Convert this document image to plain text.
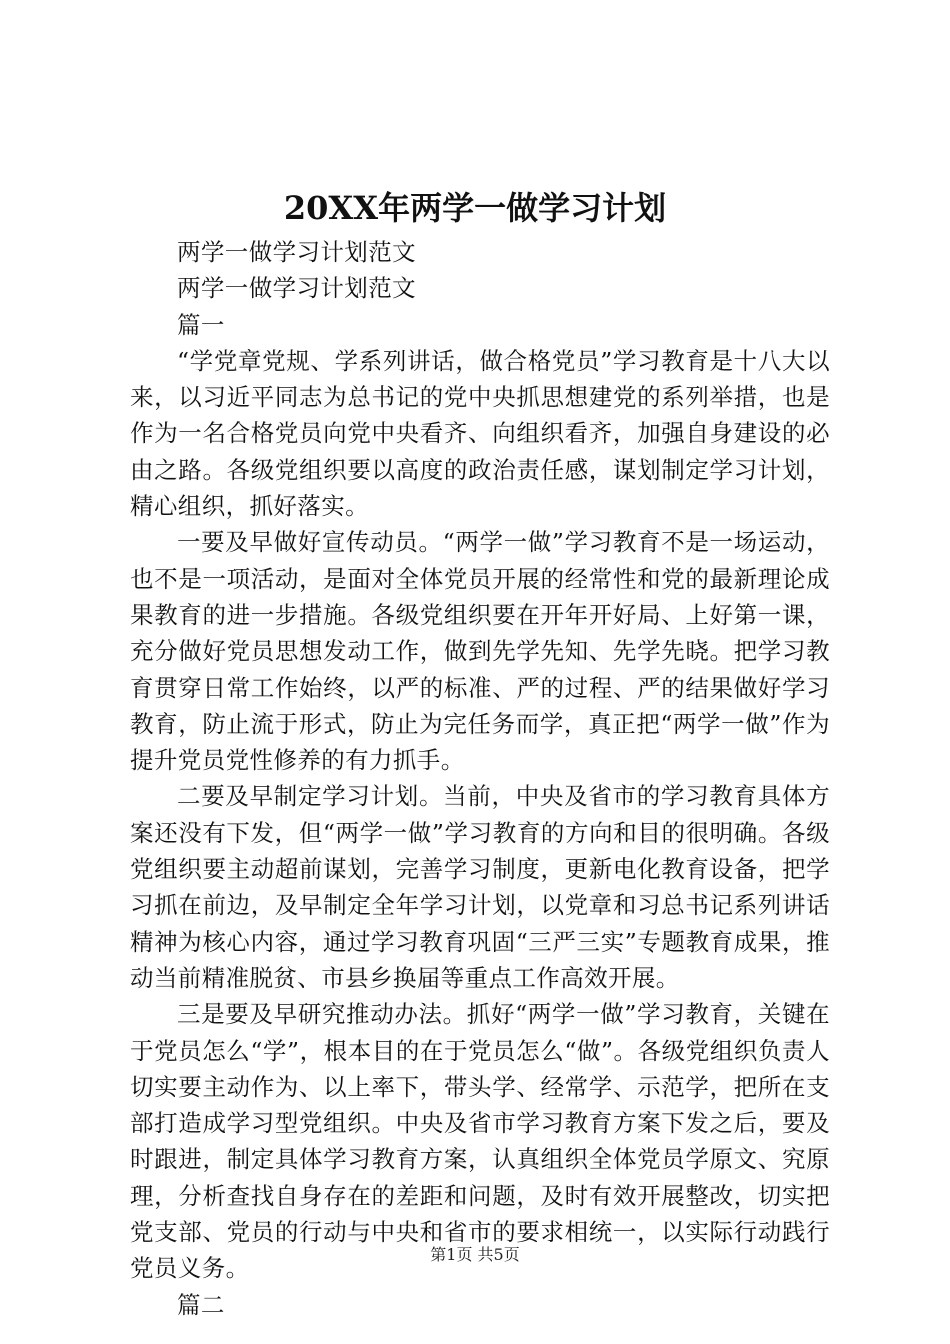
20XX年两学一做学习计划

两学一做学习计划范文

两学一做学习计划范文

篇一

“学党章党规、学系列讲话，做合格党员”学习教育是十八大以来，以习近平同志为总书记的党中央抓思想建党的系列举措，也是作为一名合格党员向党中央看齐、向组织看齐，加强自身建设的必由之路。各级党组织要以高度的政治责任感，谋划制定学习计划，精心组织，抓好落实。

一要及早做好宣传动员。“两学一做”学习教育不是一场运动，也不是一项活动，是面对全体党员开展的经常性和党的最新理论成果教育的进一步措施。各级党组织要在开年开好局、上好第一课，充分做好党员思想发动工作，做到先学先知、先学先晓。把学习教育贯穿日常工作始终，以严的标准、严的过程、严的结果做好学习教育，防止流于形式，防止为完任务而学，真正把“两学一做”作为提升党员党性修养的有力抓手。

二要及早制定学习计划。当前，中央及省市的学习教育具体方案还没有下发，但“两学一做”学习教育的方向和目的很明确。各级党组织要主动超前谋划，完善学习制度，更新电化教育设备，把学习抓在前边，及早制定全年学习计划，以党章和习总书记系列讲话精神为核心内容，通过学习教育巩固“三严三实”专题教育成果，推动当前精准脱贫、市县乡换届等重点工作高效开展。

三是要及早研究推动办法。抓好“两学一做”学习教育，关键在于党员怎么“学”，根本目的在于党员怎么“做”。各级党组织负责人切实要主动作为、以上率下，带头学、经常学、示范学，把所在支部打造成学习型党组织。中央及省市学习教育方案下发之后，要及时跟进，制定具体学习教育方案，认真组织全体党员学原文、究原理，分析查找自身存在的差距和问题，及时有效开展整改，切实把党支部、党员的行动与中央和省市的要求相统一，以实际行动践行党员义务。

篇二

第1页 共5页
